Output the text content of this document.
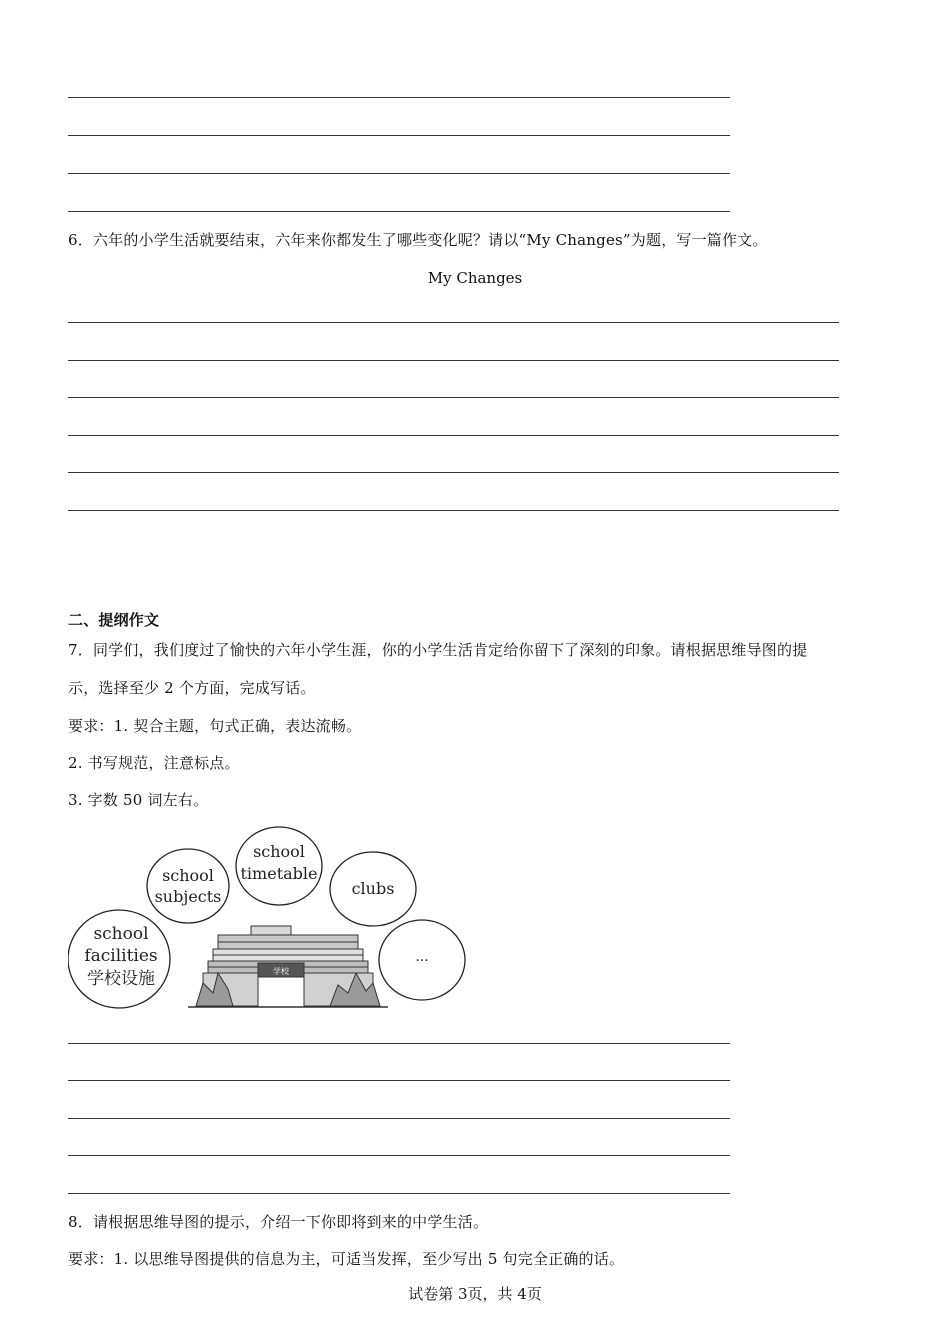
6．六年的小学生活就要结束，六年来你都发生了哪些变化呢？请以“My Changes”为题，写一篇作文。
My Changes
二、提纲作文
7．同学们，我们度过了愉快的六年小学生涯，你的小学生活肯定给你留下了深刻的印象。请根据思维导图的提
示，选择至少 2 个方面，完成写话。
要求：1. 契合主题，句式正确，表达流畅。
2. 书写规范，注意标点。
3. 字数 50 词左右。
school
subjects
school
timetable
clubs
school
facilities
学校设施
...
学校
8．请根据思维导图的提示，介绍一下你即将到来的中学生活。
要求：1. 以思维导图提供的信息为主，可适当发挥，至少写出 5 句完全正确的话。
试卷第 3页，共 4页
